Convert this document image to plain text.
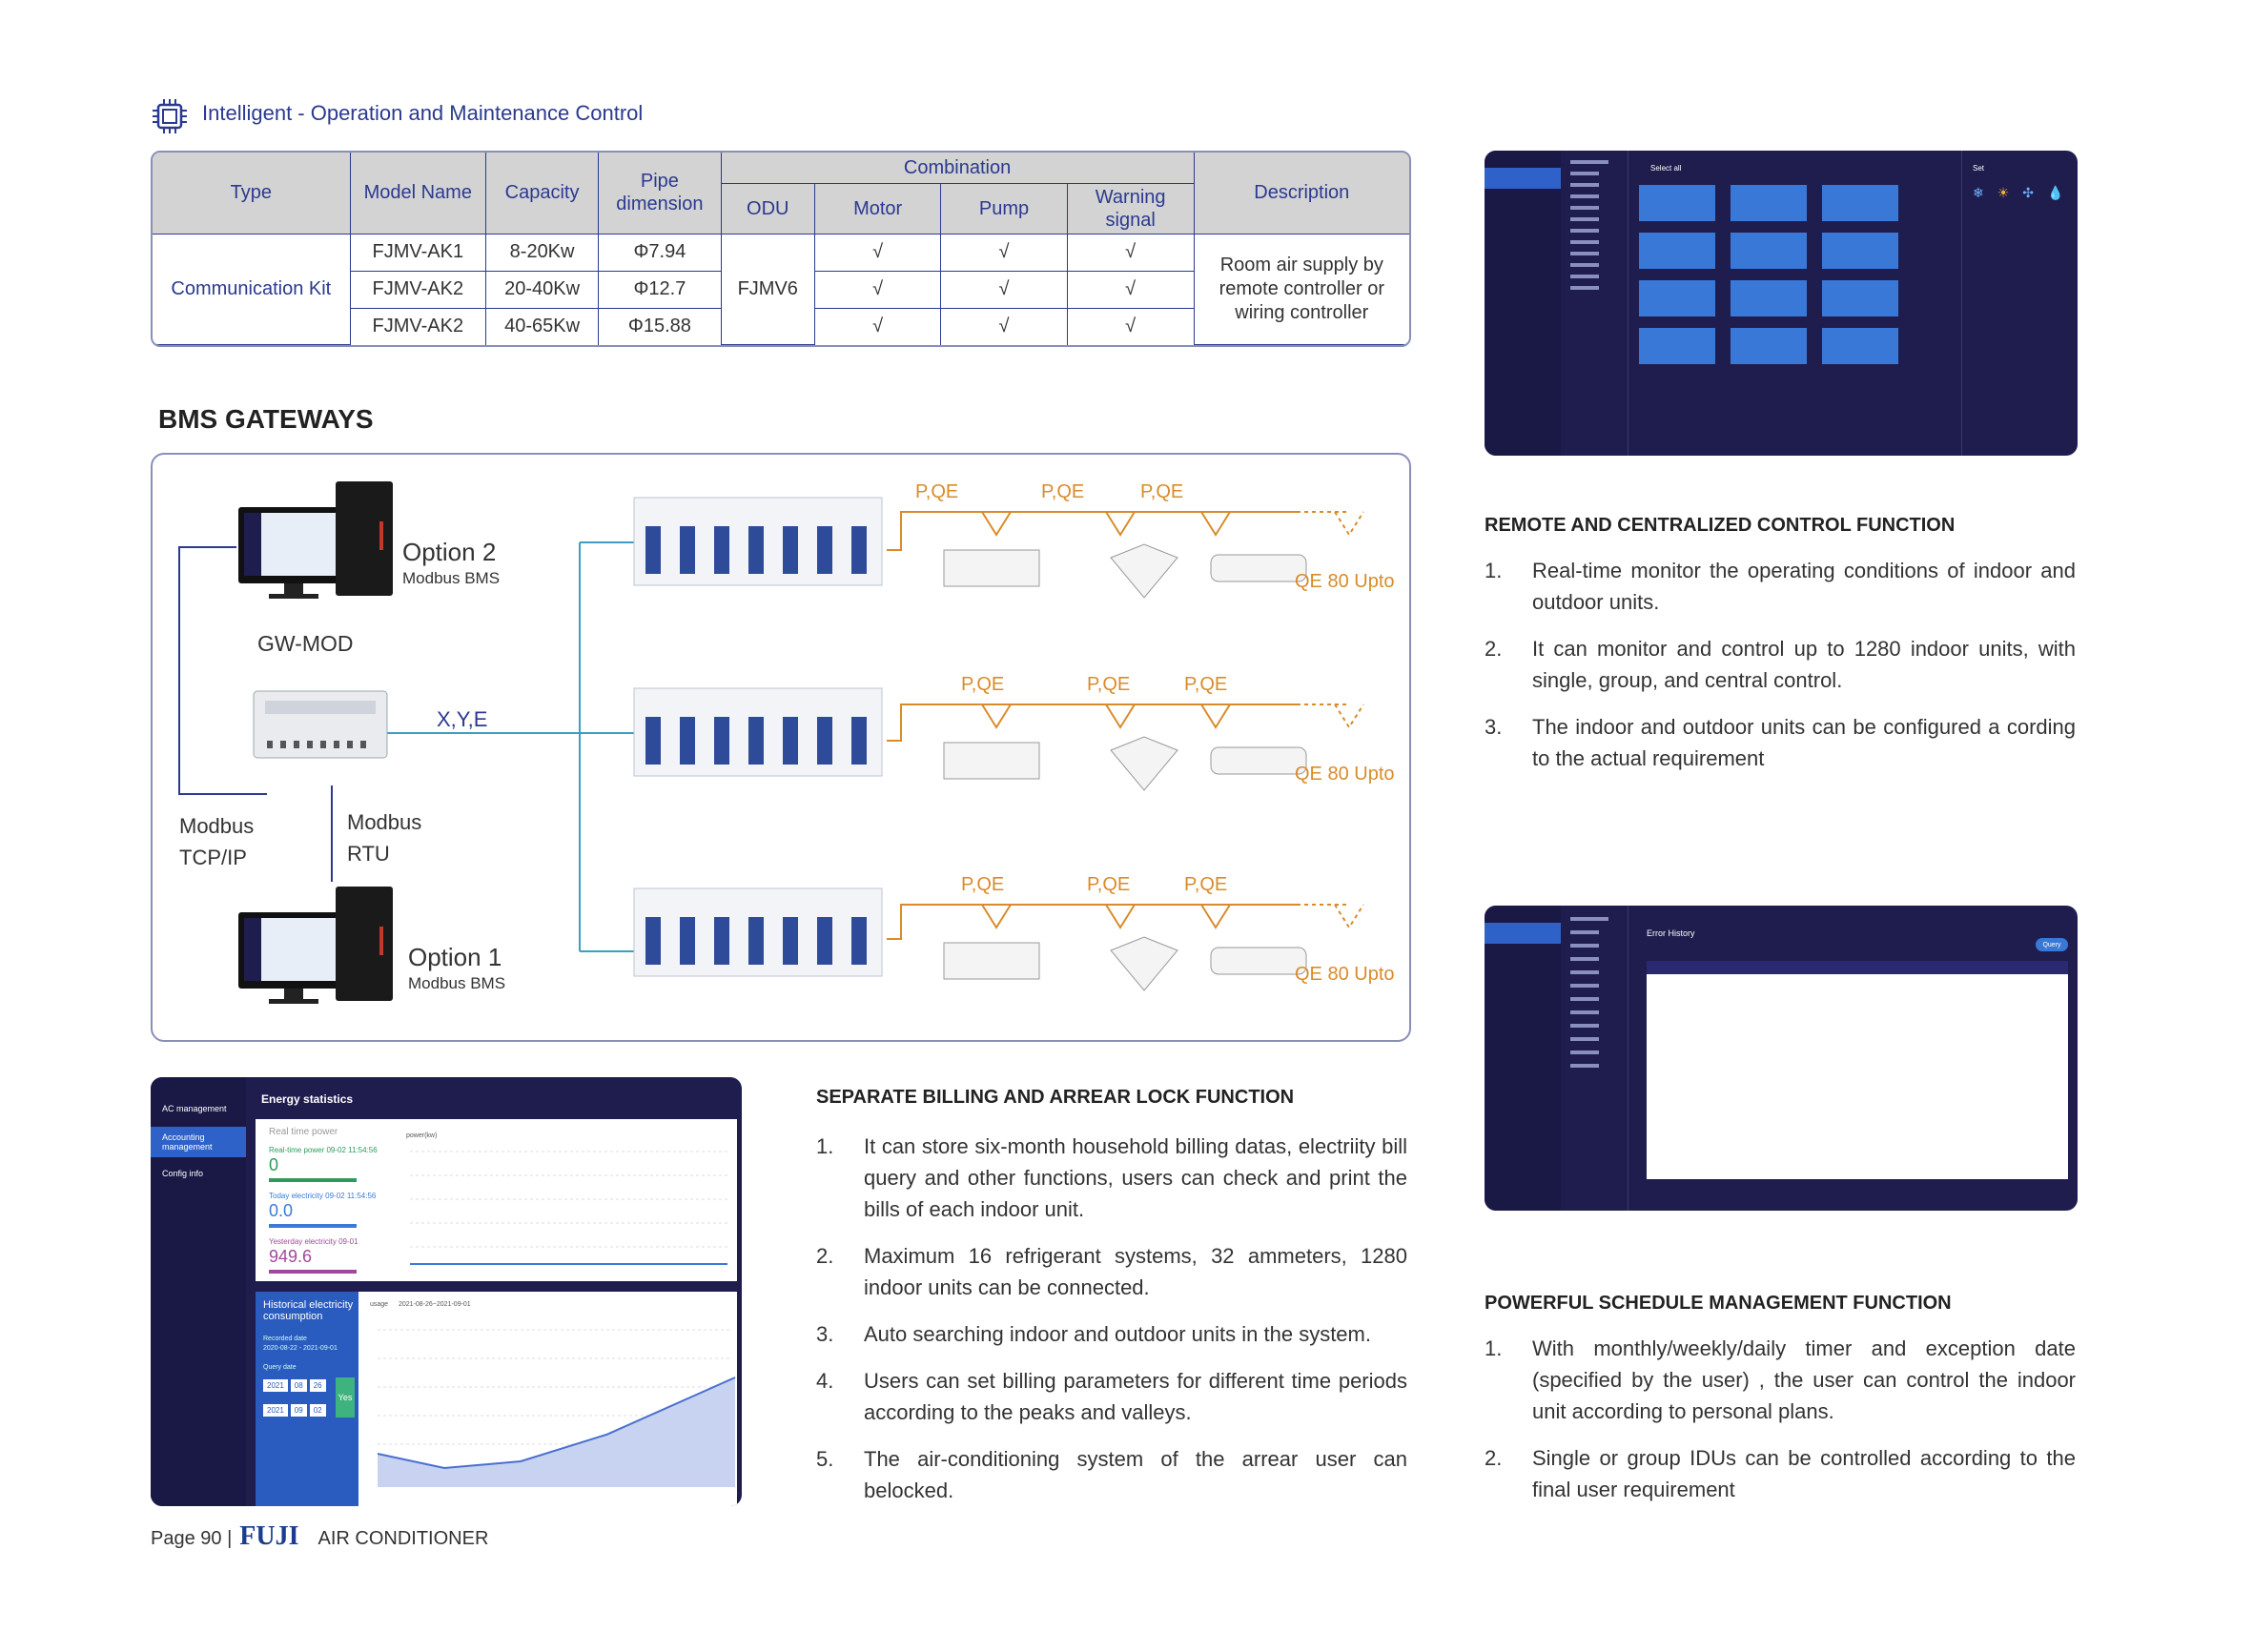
Intelligent - Operation and Maintenance Control
Type	Model Name	Capacity	Pipe dimension	Combination				Description
				ODU	Motor	Pump	Warning signal	
Communication Kit	FJMV-AK1	8-20Kw	Φ7.94	FJMV6	√	√	√	Room air supply by remote controller or wiring controller
	FJMV-AK2	20-40Kw	Φ12.7		√	√	√	
	FJMV-AK2	40-65Kw	Φ15.88		√	√	√	
BMS GATEWAYS
Option 2
Modbus BMS
GW-MOD
X,Y,E
Modbus
TCP/IP
Modbus
RTU
Option 1
Modbus BMS
P,QE	P,QE	P,QE
P,QE	P,QE	P,QE
P,QE	P,QE	P,QE
QE 80 Upto
QE 80 Upto
QE 80 Upto
AC management
Accounting management
Config info
Energy statistics
Real time power
Real-time power 09-02 11:54:56
0
Today electricity 09-02 11:54:56
0.0
Yesterday electricity 09-01
949.6
power(kw)
Historical electricity consumption
Recorded date
2020-08-22 - 2021-09-01
Query date
2021	08	26
2021	09	02
Yes
usage 2021-08-26~2021-09-01
SEPARATE BILLING AND ARREAR LOCK FUNCTION
1. It can store six-month household billing datas, electriity bill query and other functions, users can check and print the bills of each indoor unit.
2. Maximum 16 refrigerant systems, 32 ammeters, 1280 indoor units can be connected.
3. Auto searching indoor and outdoor units in the system.
4. Users can set billing parameters for different time periods according to the peaks and valleys.
5. The air-conditioning system of the arrear user can belocked.
Select all	Set
❄ ☀ ✣ 💧
REMOTE AND CENTRALIZED CONTROL FUNCTION
1. Real-time monitor the operating conditions of indoor and outdoor units.
2. It can monitor and control up to 1280 indoor units, with single, group, and central control.
3. The indoor and outdoor units can be configured a cording to the actual requirement
Error History
Query
POWERFUL SCHEDULE MANAGEMENT FUNCTION
1. With monthly/weekly/daily timer and exception date (specified by the user) , the user can control the indoor unit according to personal plans.
2. Single or group IDUs can be controlled according to the final user requirement
Page 90 | FUJI AIR CONDITIONER
